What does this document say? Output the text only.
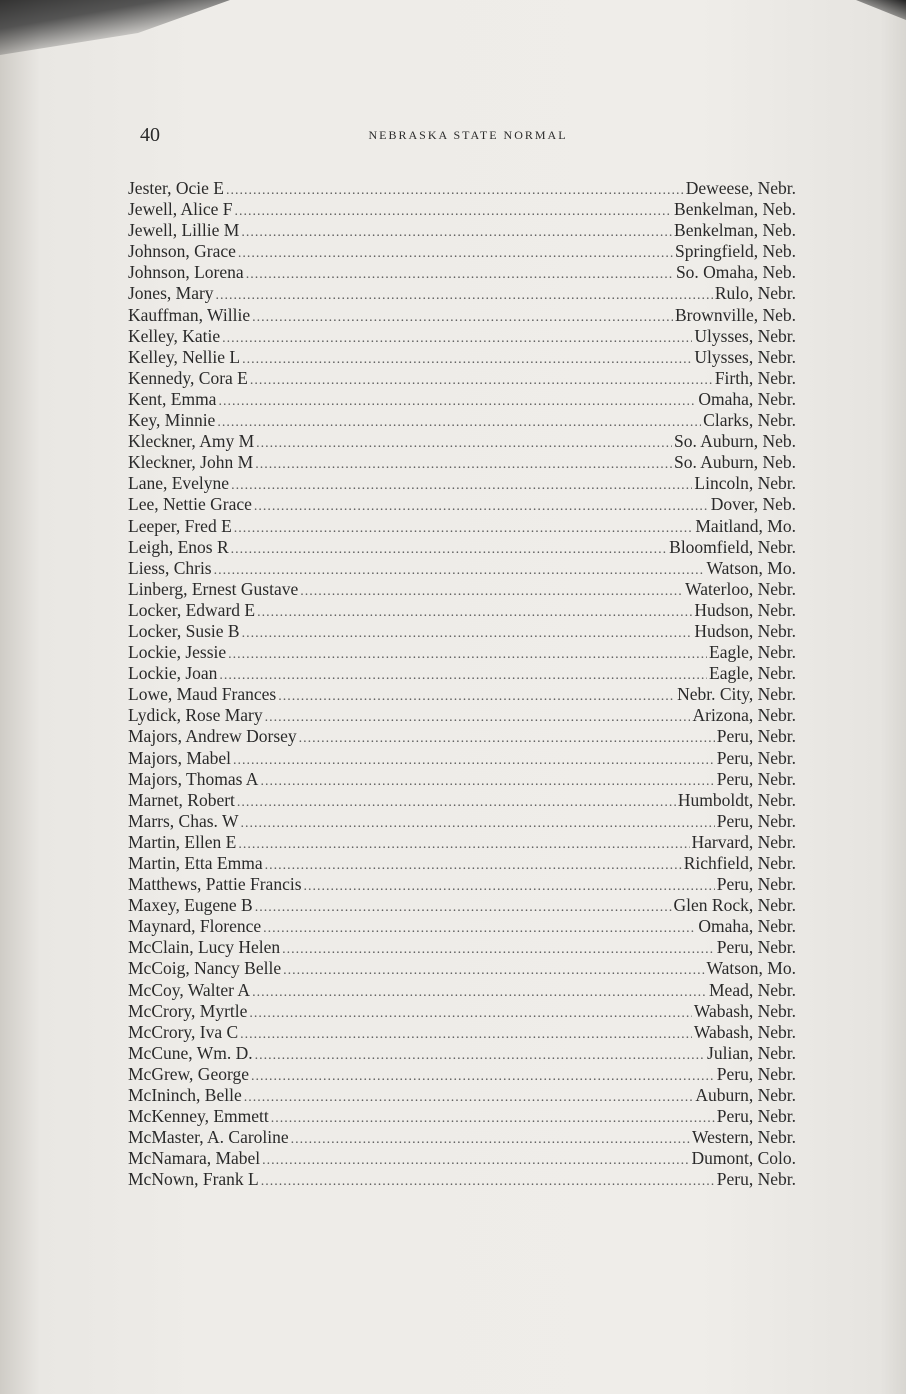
40	NEBRASKA STATE NORMAL
Jester, Ocie E .....	Deweese, Nebr.
Jewell, Alice F .....	Benkelman, Neb.
Jewell, Lillie M .....	Benkelman, Neb.
Johnson, Grace .....	Springfield, Neb.
Johnson, Lorena .....	So. Omaha, Neb.
Jones, Mary .....	Rulo, Nebr.
Kauffman, Willie .....	Brownville, Neb.
Kelley, Katie .....	Ulysses, Nebr.
Kelley, Nellie L .....	Ulysses, Nebr.
Kennedy, Cora E .....	Firth, Nebr.
Kent, Emma .....	Omaha, Nebr.
Key, Minnie .....	Clarks, Nebr.
Kleckner, Amy M .....	So. Auburn, Neb.
Kleckner, John M .....	So. Auburn, Neb.
Lane, Evelyne .....	Lincoln, Nebr.
Lee, Nettie Grace .....	Dover, Neb.
Leeper, Fred E .....	Maitland, Mo.
Leigh, Enos R .....	Bloomfield, Nebr.
Liess, Chris .....	Watson, Mo.
Linberg, Ernest Gustave .....	Waterloo, Nebr.
Locker, Edward E .....	Hudson, Nebr.
Locker, Susie B .....	Hudson, Nebr.
Lockie, Jessie .....	Eagle, Nebr.
Lockie, Joan .....	Eagle, Nebr.
Lowe, Maud Frances .....	Nebr. City, Nebr.
Lydick, Rose Mary .....	Arizona, Nebr.
Majors, Andrew Dorsey .....	Peru, Nebr.
Majors, Mabel .....	Peru, Nebr.
Majors, Thomas A .....	Peru, Nebr.
Marnet, Robert .....	Humboldt, Nebr.
Marrs, Chas. W .....	Peru, Nebr.
Martin, Ellen E .....	Harvard, Nebr.
Martin, Etta Emma .....	Richfield, Nebr.
Matthews, Pattie Francis .....	Peru, Nebr.
Maxey, Eugene B .....	Glen Rock, Nebr.
Maynard, Florence .....	Omaha, Nebr.
McClain, Lucy Helen .....	Peru, Nebr.
McCoig, Nancy Belle .....	Watson, Mo.
McCoy, Walter A .....	Mead, Nebr.
McCrory, Myrtle .....	Wabash, Nebr.
McCrory, Iva C .....	Wabash, Nebr.
McCune, Wm. D. .....	Julian, Nebr.
McGrew, George .....	Peru, Nebr.
McIninch, Belle .....	Auburn, Nebr.
McKenney, Emmett .....	Peru, Nebr.
McMaster, A. Caroline .....	Western, Nebr.
McNamara, Mabel .....	Dumont, Colo.
McNown, Frank L .....	Peru, Nebr.
